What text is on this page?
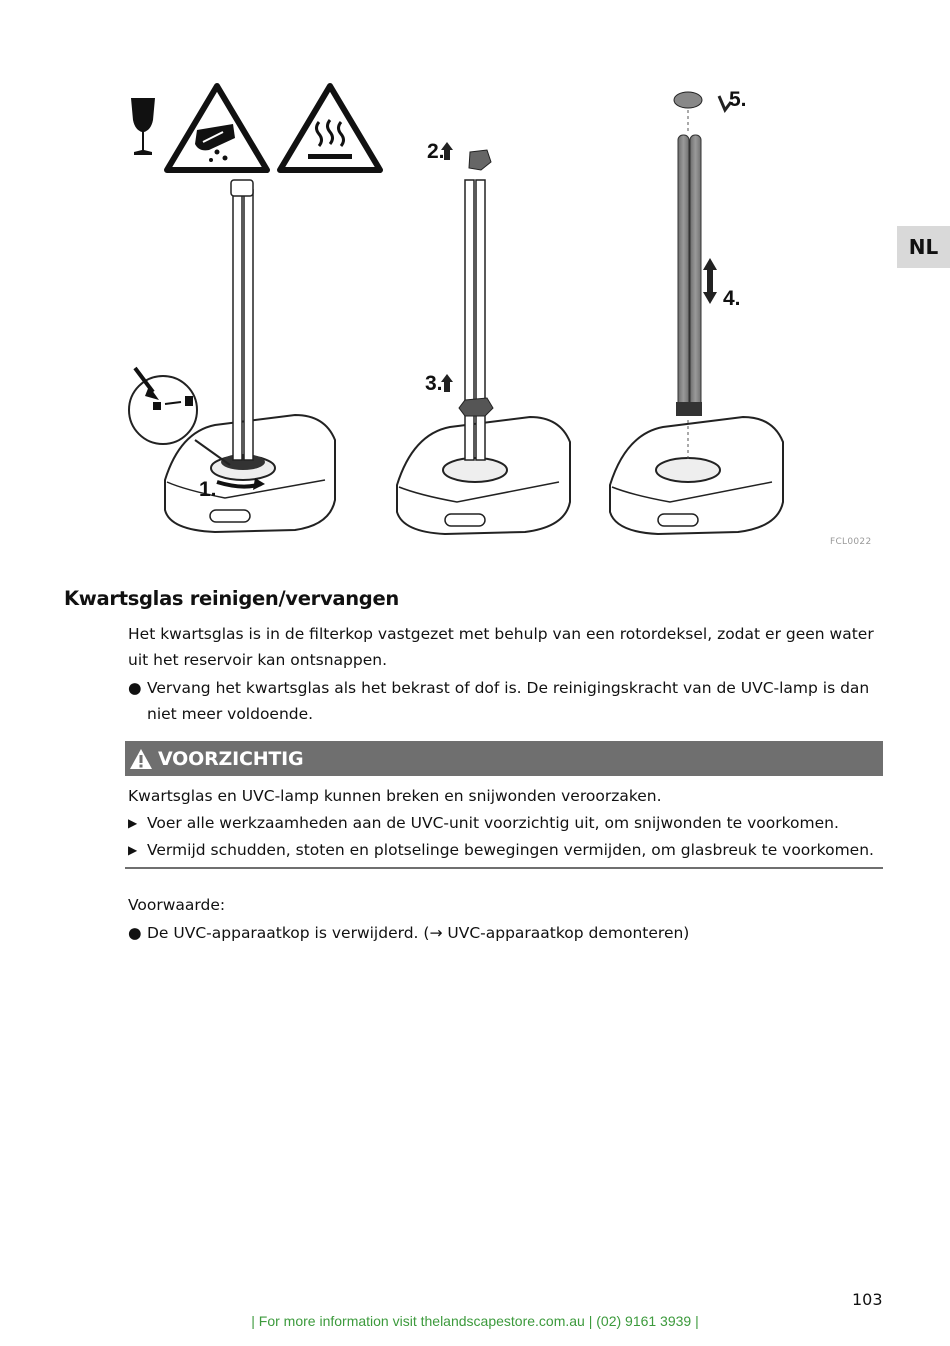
NL
1.
2.
3.
4.
5.
FCL0022
Kwartsglas reinigen/vervangen
Het kwartsglas is in de filterkop vastgezet met behulp van een rotordeksel, zodat er geen water
uit het reservoir kan ontsnappen.
● Vervang het kwartsglas als het bekrast of dof is. De reinigingskracht van de UVC-lamp is dan
niet meer voldoende.
VOORZICHTIG
Kwartsglas en UVC-lamp kunnen breken en snijwonden veroorzaken.
▶ Voer alle werkzaamheden aan de UVC-unit voorzichtig uit, om snijwonden te voorkomen.
▶ Vermijd schudden, stoten en plotselinge bewegingen vermijden, om glasbreuk te voorkomen.
Voorwaarde:
● De UVC-apparaatkop is verwijderd. (→ UVC-apparaatkop demonteren)
103
| For more information visit thelandscapestore.com.au | (02) 9161 3939 |
